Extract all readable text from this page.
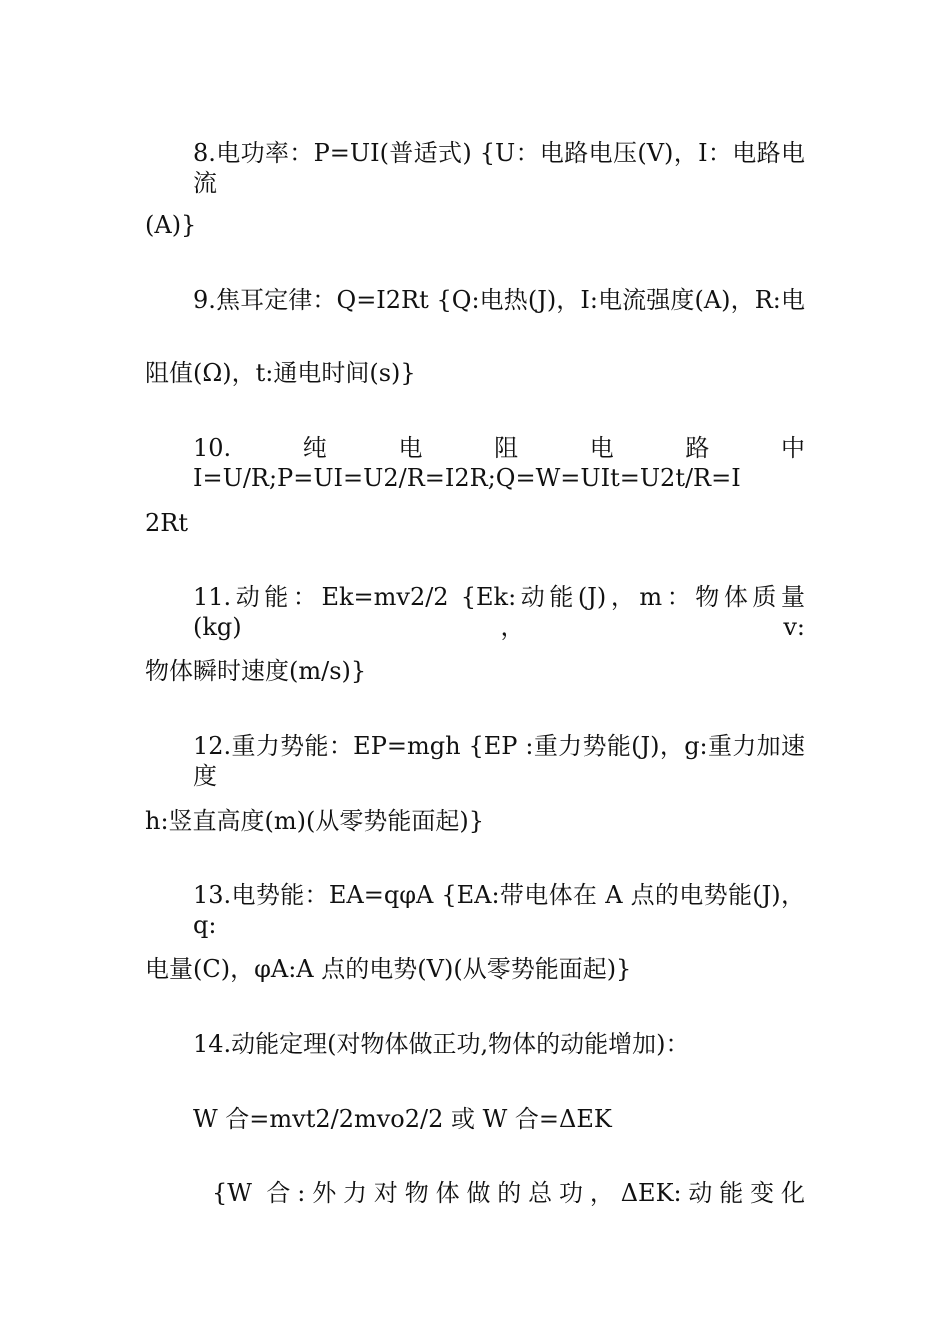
8.电功率：P=UI(普适式) {U：电路电压(V)，I：电路电流
(A)}
9.焦耳定律：Q=I2Rt {Q:电热(J)，I:电流强度(A)，R:电
阻值(Ω)，t:通电时间(s)}
10.纯电阻电路中 I=U/R;P=UI=U2/R=I2R;Q=W=UIt=U2t/R=I
2Rt
11.动能：Ek=mv2/2 {Ek:动能(J)，m：物体质量(kg)，v:
物体瞬时速度(m/s)}
12.重力势能：EP=mgh {EP :重力势能(J)，g:重力加速度
h:竖直高度(m)(从零势能面起)}
13.电势能：EA=qφA {EA:带电体在 A 点的电势能(J)，q:
电量(C)，φA:A 点的电势(V)(从零势能面起)}
14.动能定理(对物体做正功,物体的动能增加)：
W 合=mvt2/2mvo2/2 或 W 合=ΔEK
{W 合:外力对物体做的总功，ΔEK:动能变化
